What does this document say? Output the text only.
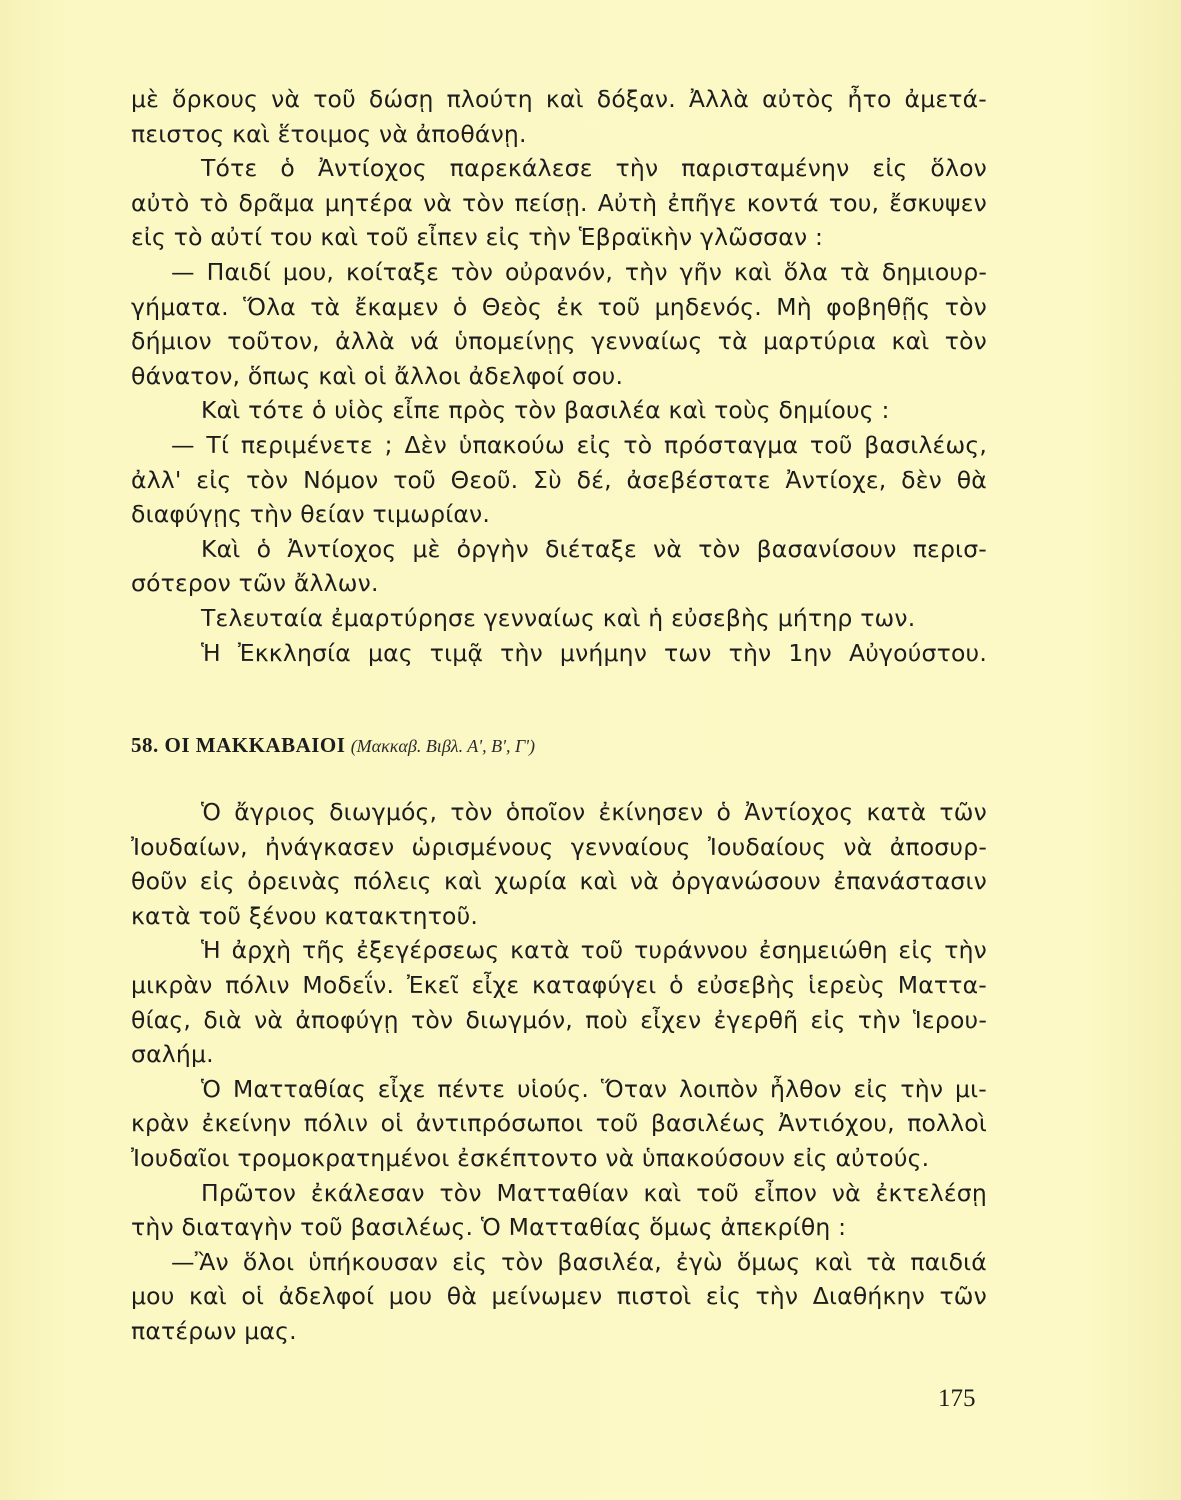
μὲ ὅρκους νὰ τοῦ δώσῃ πλούτη καὶ δόξαν. Ἀλλὰ αὐτὸς ἦτο ἀμετά-
πειστος καὶ ἕτοιμος νὰ ἀποθάνῃ.
Τότε ὁ Ἀντίοχος παρεκάλεσε τὴν παρισταμένην εἰς ὅλον
αὐτὸ τὸ δρᾶμα μητέρα νὰ τὸν πείσῃ. Αὐτὴ ἐπῆγε κοντά του, ἔσκυψεν
εἰς τὸ αὐτί του καὶ τοῦ εἶπεν εἰς τὴν Ἑβραϊκὴν γλῶσσαν :
— Παιδί μου, κοίταξε τὸν οὐρανόν, τὴν γῆν καὶ ὅλα τὰ δημιουρ-
γήματα. Ὅλα τὰ ἔκαμεν ὁ Θεὸς ἐκ τοῦ μηδενός. Μὴ φοβηθῇς τὸν
δήμιον τοῦτον, ἀλλὰ νά ὑπομείνῃς γενναίως τὰ μαρτύρια καὶ τὸν
θάνατον, ὅπως καὶ οἱ ἄλλοι ἀδελφοί σου.
Καὶ τότε ὁ υἱὸς εἶπε πρὸς τὸν βασιλέα καὶ τοὺς δημίους :
— Τί περιμένετε ; Δὲν ὑπακούω εἰς τὸ πρόσταγμα τοῦ βασιλέως,
ἀλλ' εἰς τὸν Νόμον τοῦ Θεοῦ. Σὺ δέ, ἀσεβέστατε Ἀντίοχε, δὲν θὰ
διαφύγῃς τὴν θείαν τιμωρίαν.
Καὶ ὁ Ἀντίοχος μὲ ὀργὴν διέταξε νὰ τὸν βασανίσουν περισ-
σότερον τῶν ἄλλων.
Τελευταία ἐμαρτύρησε γενναίως καὶ ἡ εὐσεβὴς μήτηρ των.
Ἡ Ἐκκλησία μας τιμᾷ τὴν μνήμην των τὴν 1ην Αὐγούστου.
58. ΟΙ ΜΑΚΚΑΒΑΙΟΙ (Μακκαβ. Βιβλ. Α', Β', Γ')
Ὁ ἄγριος διωγμός, τὸν ὁποῖον ἐκίνησεν ὁ Ἀντίοχος κατὰ τῶν
Ἰουδαίων, ἠνάγκασεν ὡρισμένους γενναίους Ἰουδαίους νὰ ἀποσυρ-
θοῦν εἰς ὀρεινὰς πόλεις καὶ χωρία καὶ νὰ ὀργανώσουν ἐπανάστασιν
κατὰ τοῦ ξένου κατακτητοῦ.
Ἡ ἀρχὴ τῆς ἐξεγέρσεως κατὰ τοῦ τυράννου ἐσημειώθη εἰς τὴν
μικρὰν πόλιν Μοδεΐν. Ἐκεῖ εἶχε καταφύγει ὁ εὐσεβὴς ἱερεὺς Ματτα-
θίας, διὰ νὰ ἀποφύγῃ τὸν διωγμόν, ποὺ εἶχεν ἐγερθῆ εἰς τὴν Ἱερου-
σαλήμ.
Ὁ Ματταθίας εἶχε πέντε υἱούς. Ὅταν λοιπὸν ἦλθον εἰς τὴν μι-
κρὰν ἐκείνην πόλιν οἱ ἀντιπρόσωποι τοῦ βασιλέως Ἀντιόχου, πολλοὶ
Ἰουδαῖοι τρομοκρατημένοι ἐσκέπτοντο νὰ ὑπακούσουν εἰς αὐτούς.
Πρῶτον ἐκάλεσαν τὸν Ματταθίαν καὶ τοῦ εἶπον νὰ ἐκτελέσῃ
τὴν διαταγὴν τοῦ βασιλέως. Ὁ Ματταθίας ὅμως ἀπεκρίθη :
—Ἂν ὅλοι ὑπήκουσαν εἰς τὸν βασιλέα, ἐγὼ ὅμως καὶ τὰ παιδιά
μου καὶ οἱ ἀδελφοί μου θὰ μείνωμεν πιστοὶ εἰς τὴν Διαθήκην τῶν
πατέρων μας.
175
